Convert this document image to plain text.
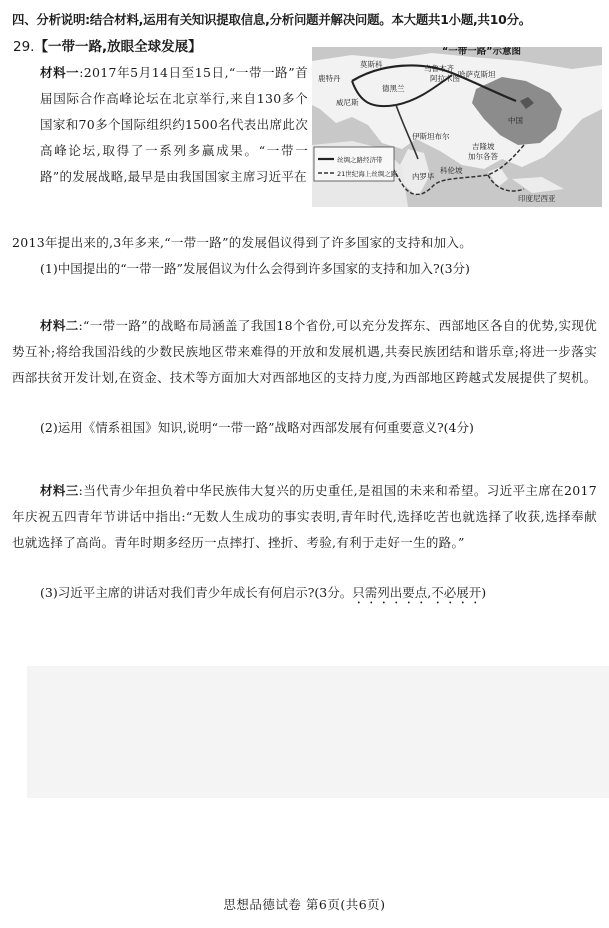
四、分析说明:结合材料,运用有关知识提取信息,分析问题并解决问题。本大题共1小题,共10分。
29.【一带一路,放眼全球发展】
材料一:2017年5月14日至15日,“一带一路”首届国际合作高峰论坛在北京举行,来自130多个国家和70多个国际组织约1500名代表出席此次高峰论坛,取得了一系列多赢成果。“一带一路”的发展战略,最早是由我国国家主席习近平在
“一带一路”示意图
莫斯科	乌鲁木齐
阿拉木图
哈萨克斯坦
中国
德黑兰
鹿特丹
威尼斯
伊斯坦布尔
加尔各答
吉隆坡
科伦坡
印度尼西亚
内罗毕
丝绸之路经济带
21世纪海上丝绸之路
2013年提出来的,3年多来,“一带一路”的发展倡议得到了许多国家的支持和加入。
(1)中国提出的“一带一路”发展倡议为什么会得到许多国家的支持和加入?(3分)
材料二:“一带一路”的战略布局涵盖了我国18个省份,可以充分发挥东、西部地区各自的优势,实现优势互补;将给我国沿线的少数民族地区带来难得的开放和发展机遇,共奏民族团结和谐乐章;将进一步落实西部扶贫开发计划,在资金、技术等方面加大对西部地区的支持力度,为西部地区跨越式发展提供了契机。
(2)运用《情系祖国》知识,说明“一带一路”战略对西部发展有何重要意义?(4分)
材料三:当代青少年担负着中华民族伟大复兴的历史重任,是祖国的未来和希望。习近平主席在2017年庆祝五四青年节讲话中指出:“无数人生成功的事实表明,青年时代,选择吃苦也就选择了收获,选择奉献也就选择了高尚。青年时期多经历一点摔打、挫折、考验,有利于走好一生的路。”
(3)习近平主席的讲话对我们青少年成长有何启示?(3分。只需列出要点,不必展开)
思想品德试卷 第6页(共6页)
